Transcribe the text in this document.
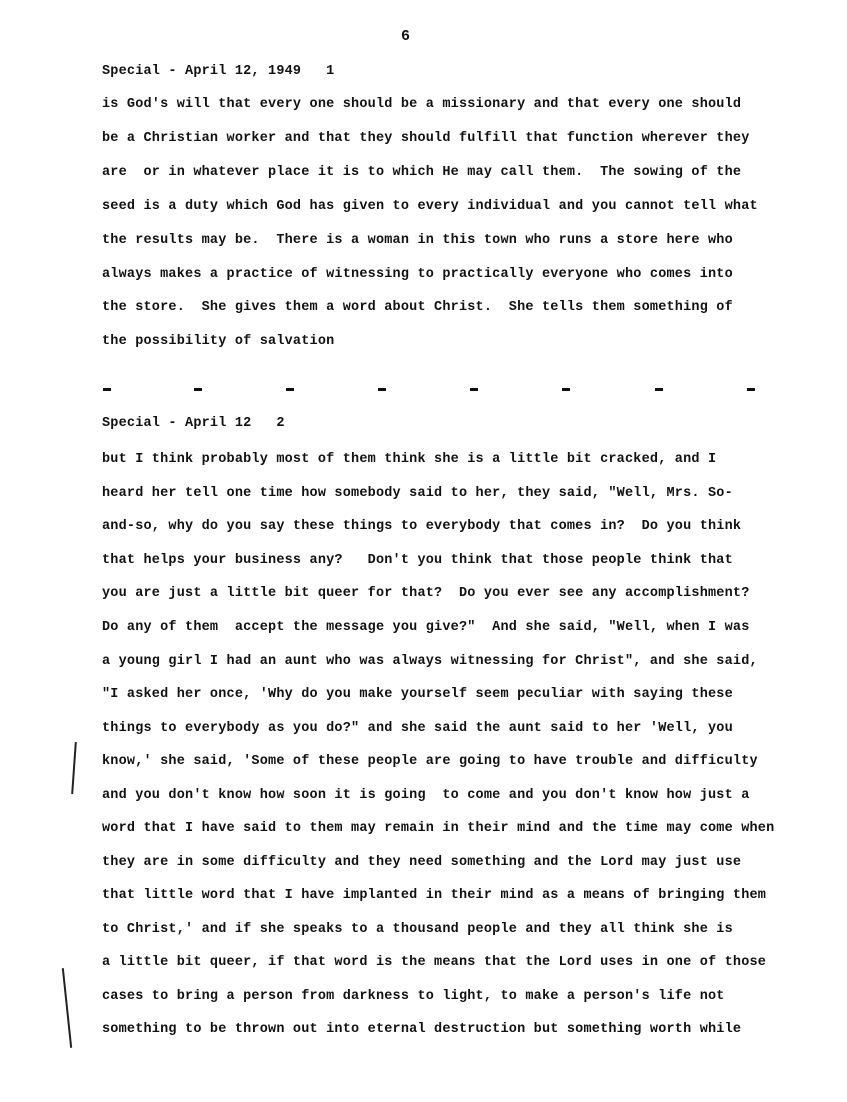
6
Special - April 12, 1949   1
is God's will that every one should be a missionary and that every one should
be a Christian worker and that they should fulfill that function wherever they
are  or in whatever place it is to which He may call them.  The sowing of the
seed is a duty which God has given to every individual and you cannot tell what
the results may be.  There is a woman in this town who runs a store here who
always makes a practice of witnessing to practically everyone who comes into
the store.  She gives them a word about Christ.  She tells them something of
the possibility of salvation
Special - April 12   2
but I think probably most of them think she is a little bit cracked, and I
heard her tell one time how somebody said to her, they said, "Well, Mrs. So-
and-so, why do you say these things to everybody that comes in?  Do you think
that helps your business any?   Don't you think that those people think that
you are just a little bit queer for that?  Do you ever see any accomplishment?
Do any of them  accept the message you give?"  And she said, "Well, when I was
a young girl I had an aunt who was always witnessing for Christ", and she said,
"I asked her once, 'Why do you make yourself seem peculiar with saying these
things to everybody as you do?" and she said the aunt said to her 'Well, you
know,' she said, 'Some of these people are going to have trouble and difficulty
and you don't know how soon it is going  to come and you don't know how just a
word that I have said to them may remain in their mind and the time may come when
they are in some difficulty and they need something and the Lord may just use
that little word that I have implanted in their mind as a means of bringing them
to Christ,' and if she speaks to a thousand people and they all think she is
a little bit queer, if that word is the means that the Lord uses in one of those
cases to bring a person from darkness to light, to make a person's life not
something to be thrown out into eternal destruction but something worth while
